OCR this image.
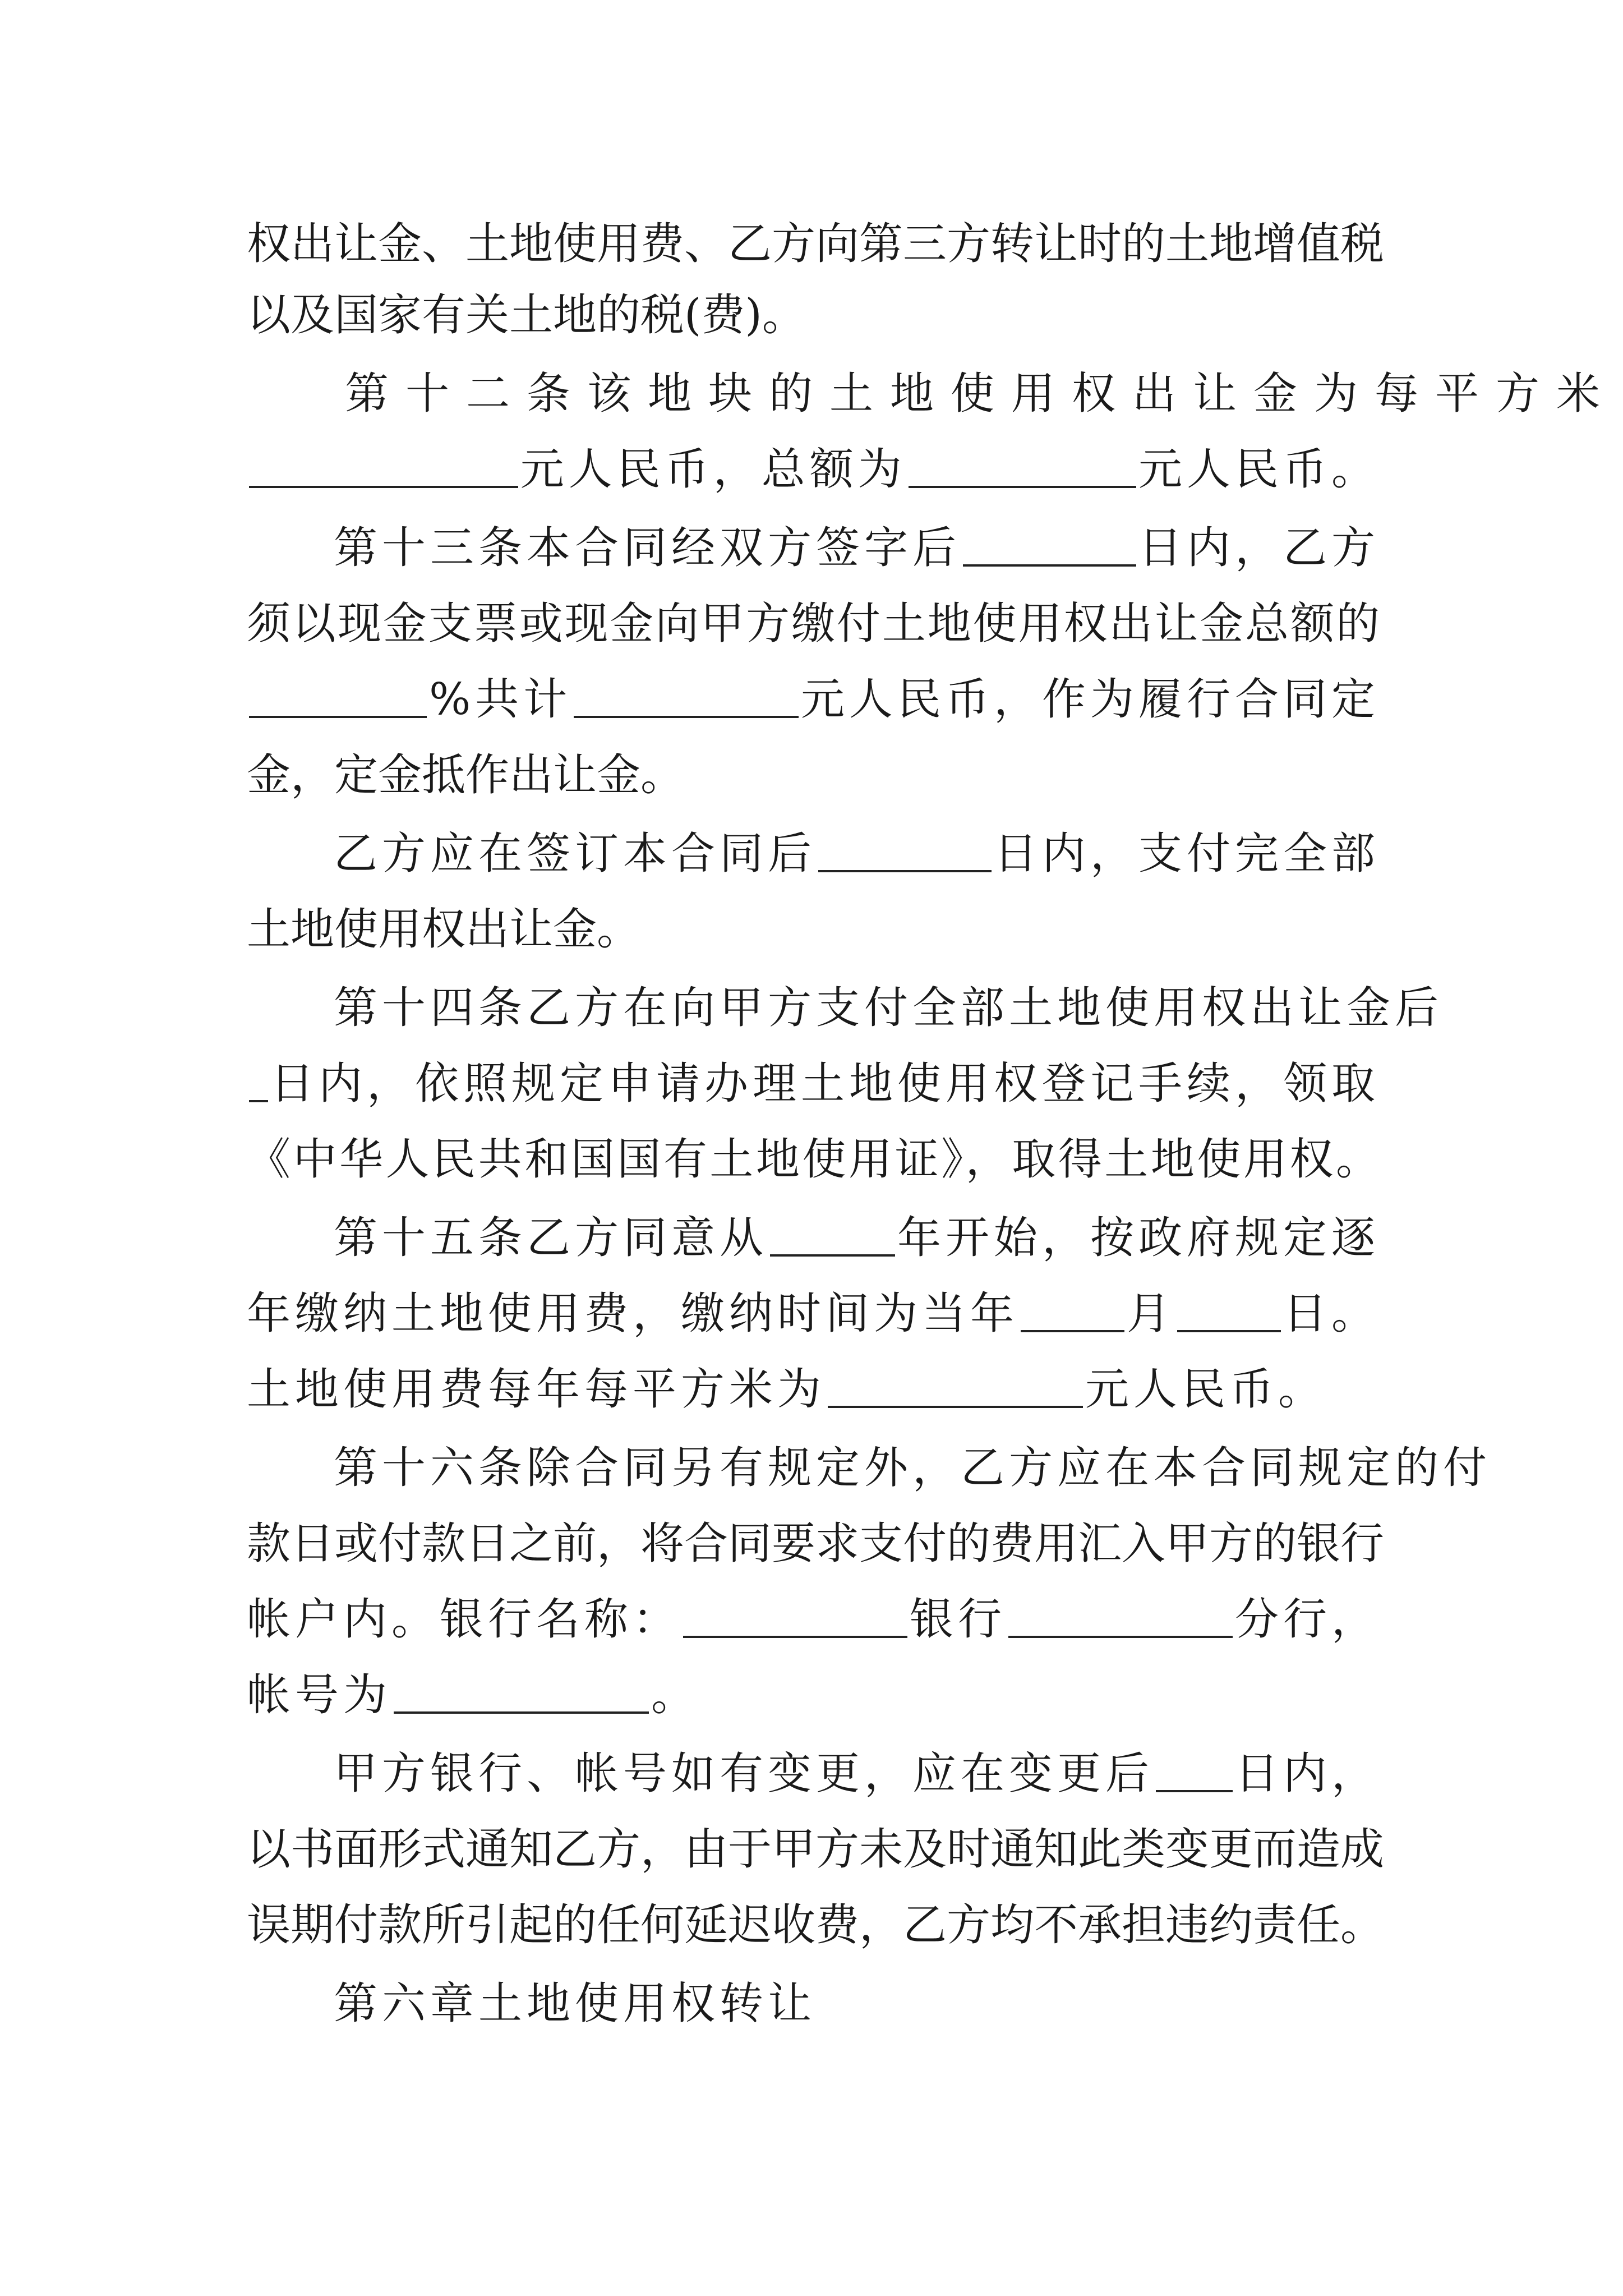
权出让金、土地使用费、乙方向第三方转让时的土地增值税
以及国家有关土地的税(费)。
第十二条该地块的土地使用权出让金为每平方米
元人民币，总额为	元人民币。
第十三条本合同经双方签字后	日内，乙方
须以现金支票或现金向甲方缴付土地使用权出让金总额的
%共计	元人民币，作为履行合同定
金，定金抵作出让金。
乙方应在签订本合同后	日内，支付完全部
土地使用权出让金。
第十四条乙方在向甲方支付全部土地使用权出让金后
日内，依照规定申请办理土地使用权登记手续，领取
《中华人民共和国国有土地使用证》，取得土地使用权。
第十五条乙方同意从	年开始，按政府规定逐
年缴纳土地使用费，缴纳时间为当年 月 日。
土地使用费每年每平方米为	元人民币。
第十六条除合同另有规定外，乙方应在本合同规定的付
款日或付款日之前，将合同要求支付的费用汇入甲方的银行
帐户内。银行名称：	银行	分行，
帐号为	。
甲方银行、帐号如有变更，应在变更后 日内，
以书面形式通知乙方，由于甲方未及时通知此类变更而造成
误期付款所引起的任何延迟收费，乙方均不承担违约责任。
第六章土地使用权转让
